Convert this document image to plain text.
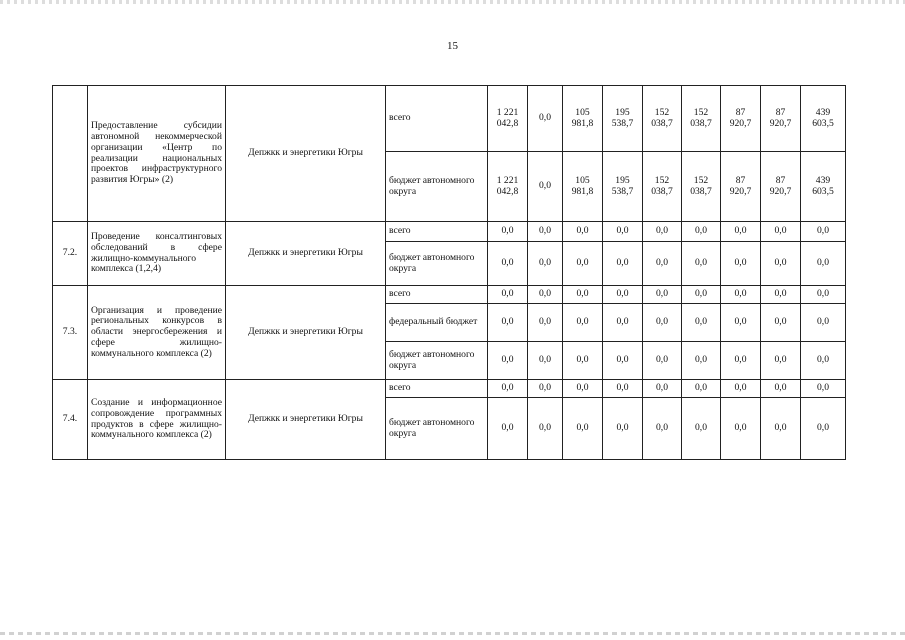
15
	Предоставление субсидии автономной некоммерческой организации «Центр по реализации национальных проектов инфраструктурного развития Югры» (2)	Депжкк и энергетики Югры	всего	1 221 042,8	0,0	105 981,8	195 538,7	152 038,7	152 038,7	87 920,7	87 920,7	439 603,5
			бюджет автономного округа	1 221 042,8	0,0	105 981,8	195 538,7	152 038,7	152 038,7	87 920,7	87 920,7	439 603,5
7.2.	Проведение консалтинговых обследований в сфере жилищно-коммунального комплекса (1,2,4)	Депжкк и энергетики Югры	всего	0,0	0,0	0,0	0,0	0,0	0,0	0,0	0,0	0,0
			бюджет автономного округа	0,0	0,0	0,0	0,0	0,0	0,0	0,0	0,0	0,0
7.3.	Организация и проведение региональных конкурсов в области энергосбережения и сфере жилищно-коммунального комплекса (2)	Депжкк и энергетики Югры	всего	0,0	0,0	0,0	0,0	0,0	0,0	0,0	0,0	0,0
			федеральный бюджет	0,0	0,0	0,0	0,0	0,0	0,0	0,0	0,0	0,0
			бюджет автономного округа	0,0	0,0	0,0	0,0	0,0	0,0	0,0	0,0	0,0
7.4.	Создание и информационное сопровождение программных продуктов в сфере жилищно-коммунального комплекса (2)	Депжкк и энергетики Югры	всего	0,0	0,0	0,0	0,0	0,0	0,0	0,0	0,0	0,0
			бюджет автономного округа	0,0	0,0	0,0	0,0	0,0	0,0	0,0	0,0	0,0
